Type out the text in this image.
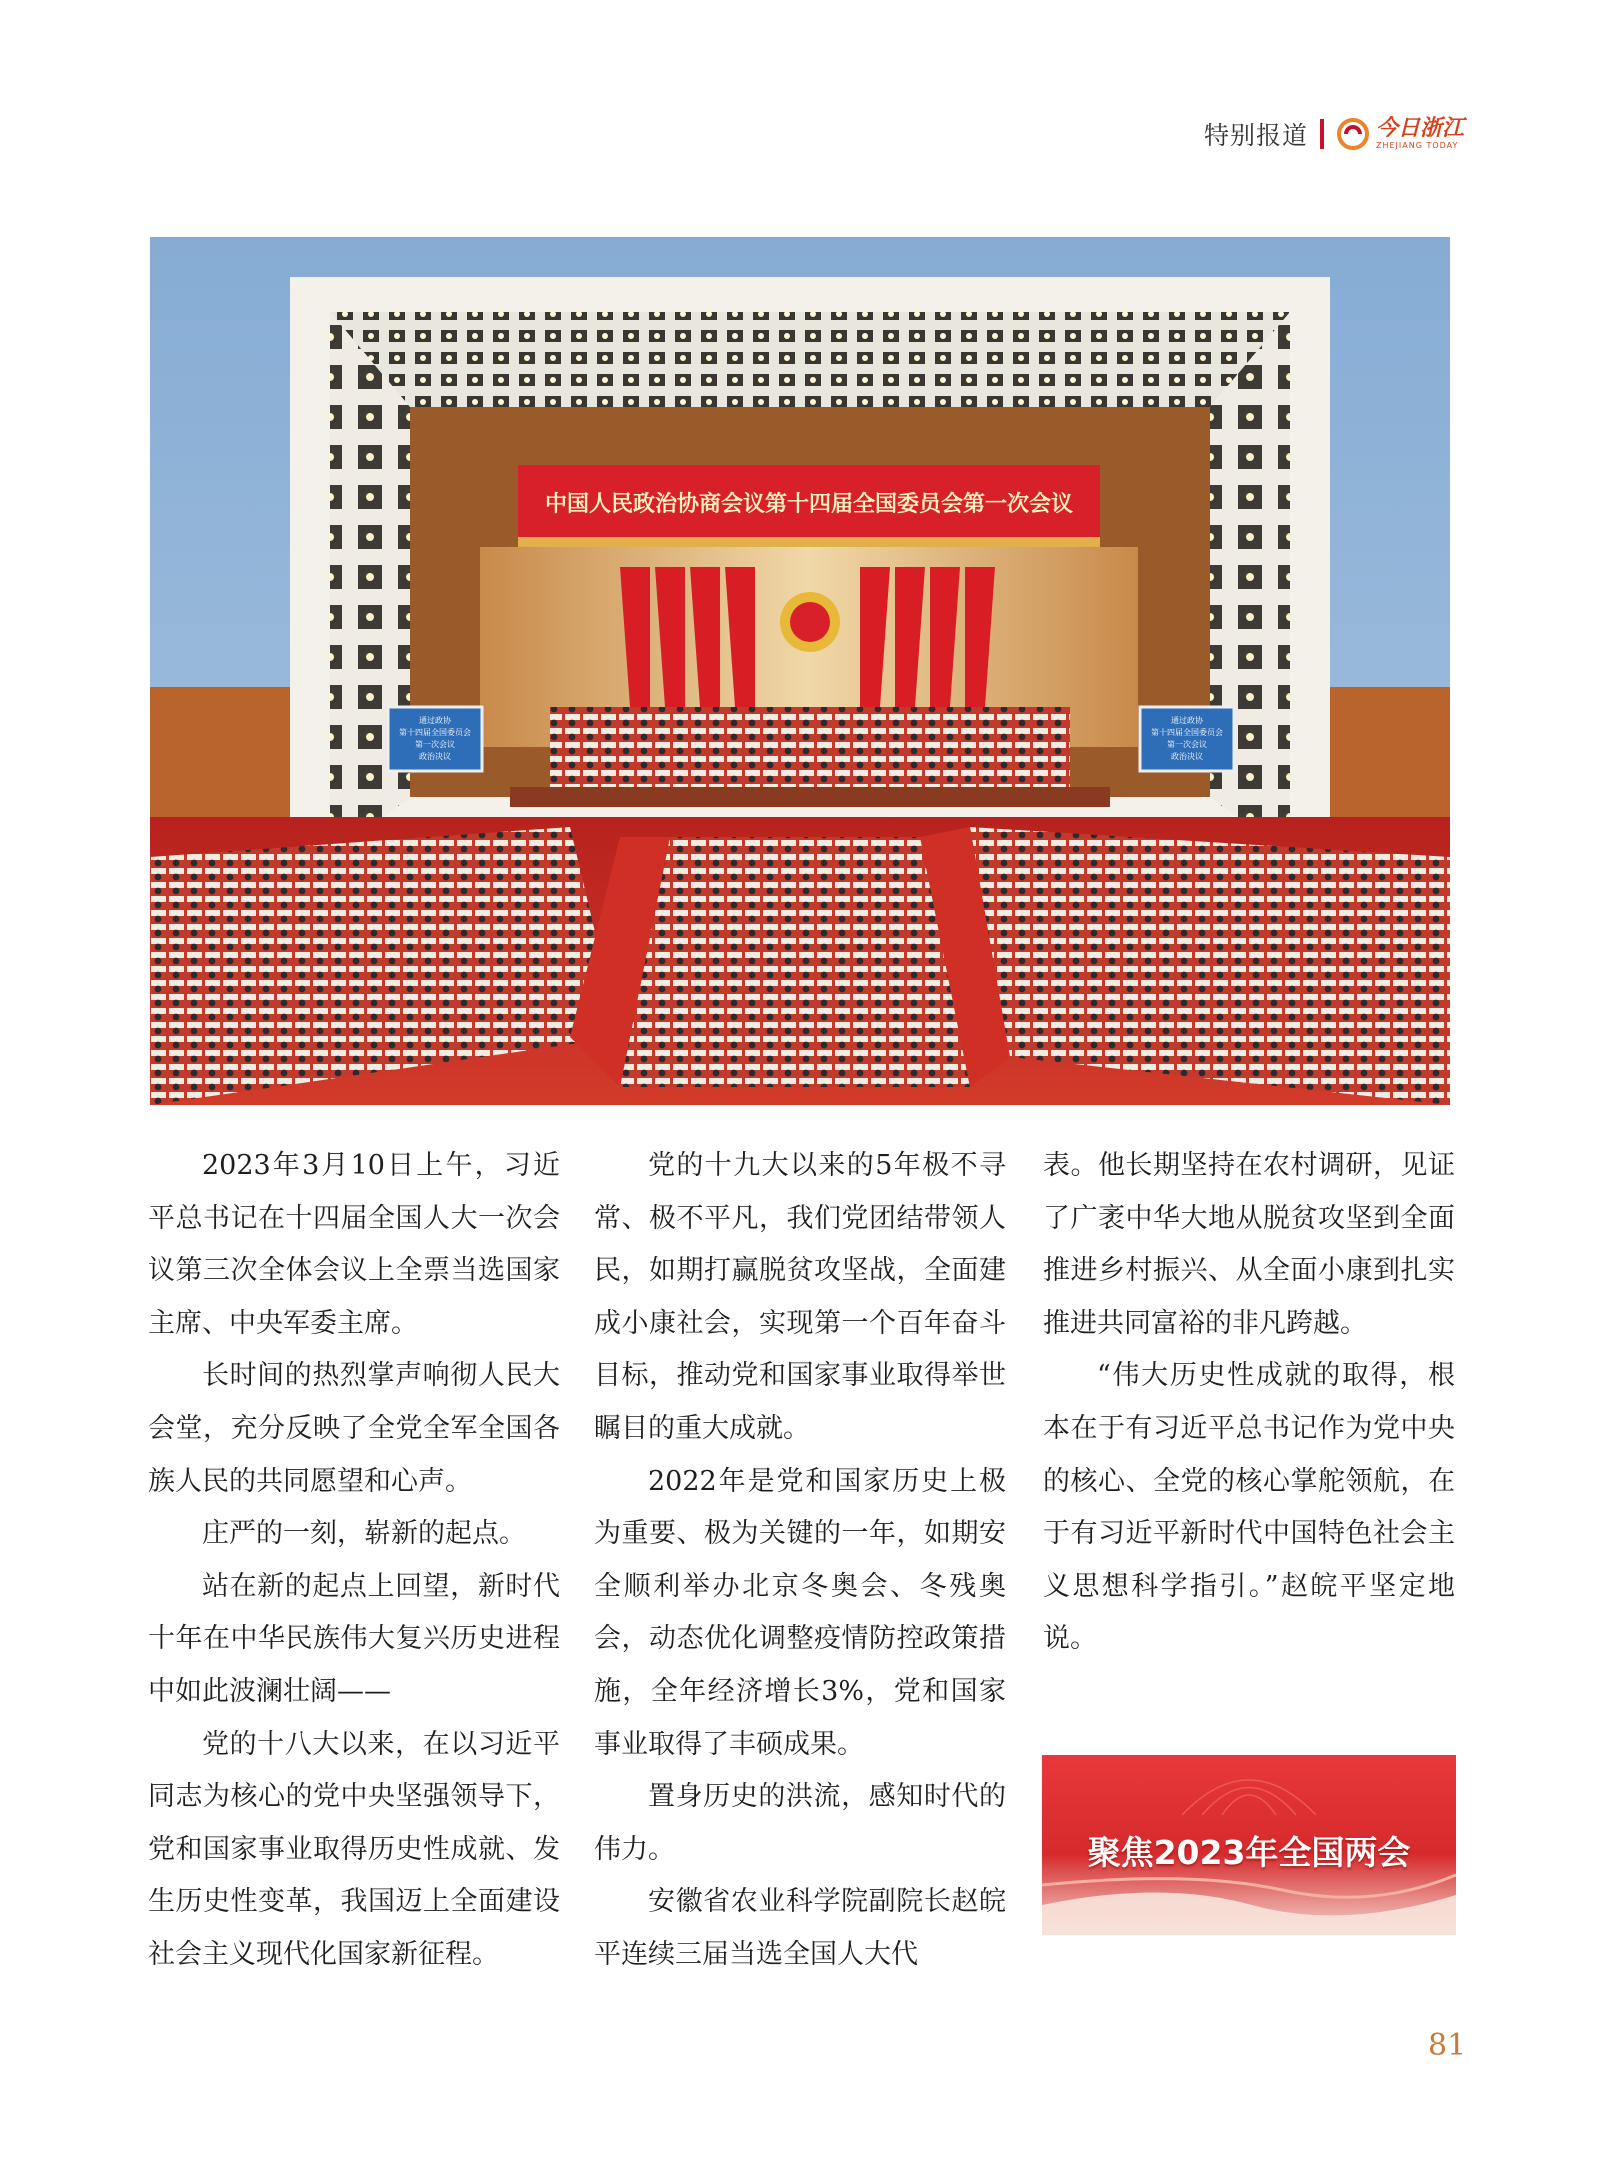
特别报道	今日浙江
ZHEJIANG TODAY
中国人民政治协商会议第十四届全国委员会第一次会议
通过政协
第十四届全国委员会
第一次会议
政治决议
通过政协
第十四届全国委员会
第一次会议
政治决议

2023年3月10日上午，习近平总书记在十四届全国人大一次会议第三次全体会议上全票当选国家主席、中央军委主席。

长时间的热烈掌声响彻人民大会堂，充分反映了全党全军全国各族人民的共同愿望和心声。

庄严的一刻，崭新的起点。

站在新的起点上回望，新时代十年在中华民族伟大复兴历史进程中如此波澜壮阔——

党的十八大以来，在以习近平同志为核心的党中央坚强领导下，党和国家事业取得历史性成就、发生历史性变革，我国迈上全面建设社会主义现代化国家新征程。

党的十九大以来的5年极不寻常、极不平凡，我们党团结带领人民，如期打赢脱贫攻坚战，全面建成小康社会，实现第一个百年奋斗目标，推动党和国家事业取得举世瞩目的重大成就。

2022年是党和国家历史上极为重要、极为关键的一年，如期安全顺利举办北京冬奥会、冬残奥会，动态优化调整疫情防控政策措施，全年经济增长3%，党和国家事业取得了丰硕成果。

置身历史的洪流，感知时代的伟力。

安徽省农业科学院副院长赵皖平连续三届当选全国人大代

表。他长期坚持在农村调研，见证了广袤中华大地从脱贫攻坚到全面推进乡村振兴、从全面小康到扎实推进共同富裕的非凡跨越。

“伟大历史性成就的取得，根本在于有习近平总书记作为党中央的核心、全党的核心掌舵领航，在于有习近平新时代中国特色社会主义思想科学指引。”赵皖平坚定地说。

聚焦2023年全国两会
81
